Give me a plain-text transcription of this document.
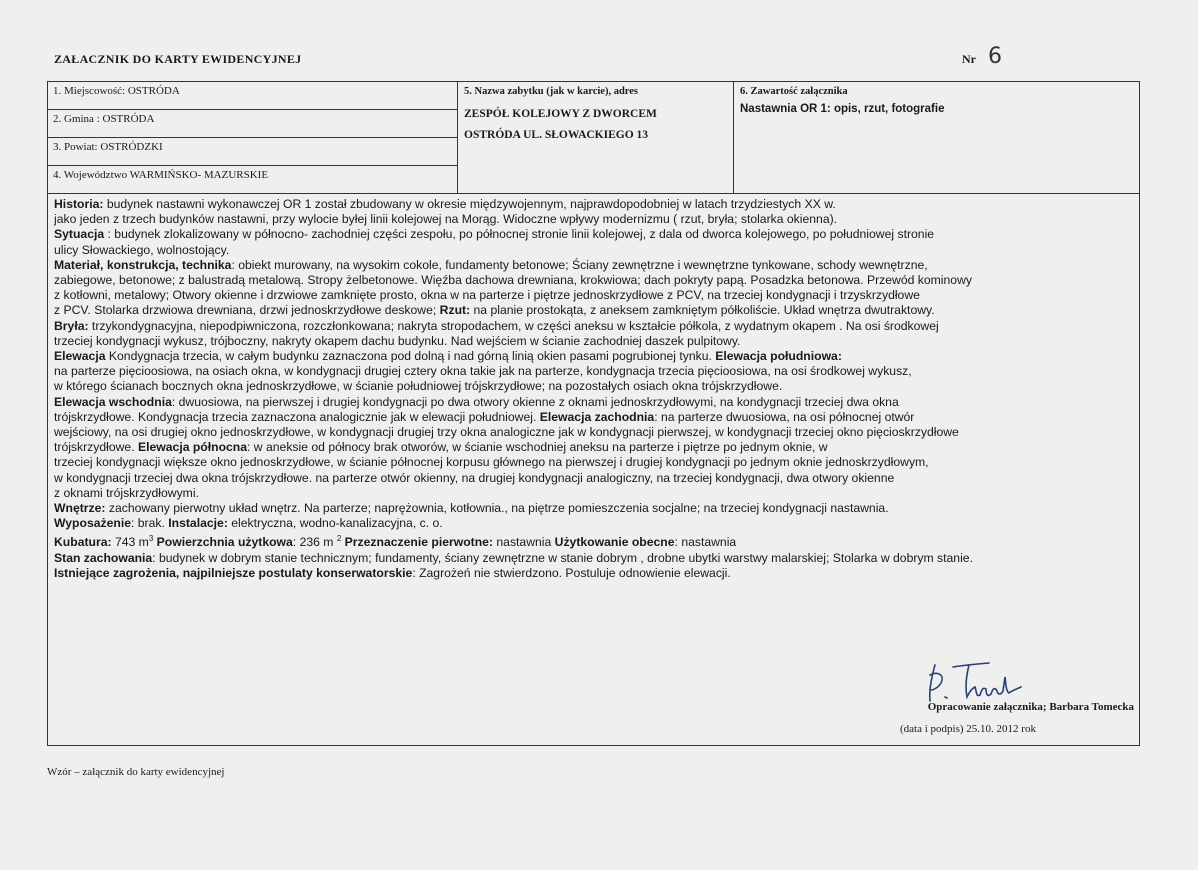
ZAŁACZNIK DO KARTY EWIDENCYJNEJ	Nr 6
1. Miejscowość: OSTRÓDA
2. Gmina : OSTRÓDA
3. Powiat: OSTRÓDZKI
4. Województwo WARMIŃSKO- MAZURSKIE
5. Nazwa zabytku (jak w karcie), adres
ZESPÓŁ KOLEJOWY Z DWORCEM
OSTRÓDA UL. SŁOWACKIEGO 13
6. Zawartość załącznika
Nastawnia OR 1: opis, rzut, fotografie

Historia: budynek nastawni wykonawczej OR 1 został zbudowany w okresie międzywojennym, najprawdopodobniej w latach trzydziestych XX w.

jako jeden z trzech budynków nastawni, przy wylocie byłej linii kolejowej na Morąg. Widoczne wpływy modernizmu ( rzut, bryła; stolarka okienna).

Sytuacja : budynek zlokalizowany w północno- zachodniej części zespołu, po północnej stronie linii kolejowej, z dala od dworca kolejowego, po południowej stronie

ulicy Słowackiego, wolnostojący.

Materiał, konstrukcja, technika: obiekt murowany, na wysokim cokole, fundamenty betonowe; Ściany zewnętrzne i wewnętrzne tynkowane, schody wewnętrzne,

zabiegowe, betonowe; z balustradą metalową. Stropy żelbetonowe. Więźba dachowa drewniana, krokwiowa; dach pokryty papą. Posadzka betonowa. Przewód kominowy

z kotłowni, metalowy; Otwory okienne i drzwiowe zamknięte prosto, okna w na parterze i piętrze jednoskrzydłowe z PCV, na trzeciej kondygnacji i trzyskrzydłowe

z PCV. Stolarka drzwiowa drewniana, drzwi jednoskrzydłowe deskowe; Rzut: na planie prostokąta, z aneksem zamkniętym półkoliście. Układ wnętrza dwutraktowy.

Bryła: trzykondygnacyjna, niepodpiwniczona, rozczłonkowana; nakryta stropodachem, w części aneksu w kształcie półkola, z wydatnym okapem . Na osi środkowej

trzeciej kondygnacji wykusz, trójboczny, nakryty okapem dachu budynku. Nad wejściem w ścianie zachodniej daszek pulpitowy.

Elewacja Kondygnacja trzecia, w całym budynku zaznaczona pod dolną i nad górną linią okien pasami pogrubionej tynku. Elewacja południowa:

na parterze pięcioosiowa, na osiach okna, w kondygnacji drugiej cztery okna takie jak na parterze, kondygnacja trzecia pięcioosiowa, na osi środkowej wykusz,

w którego ścianach bocznych okna jednoskrzydłowe, w ścianie południowej trójskrzydłowe; na pozostałych osiach okna trójskrzydłowe.

Elewacja wschodnia: dwuosiowa, na pierwszej i drugiej kondygnacji po dwa otwory okienne z oknami jednoskrzydłowymi, na kondygnacji trzeciej dwa okna

trójskrzydłowe. Kondygnacja trzecia zaznaczona analogicznie jak w elewacji południowej. Elewacja zachodnia: na parterze dwuosiowa, na osi północnej otwór

wejściowy, na osi drugiej okno jednoskrzydłowe, w kondygnacji drugiej trzy okna analogiczne jak w kondygnacji pierwszej, w kondygnacji trzeciej okno pięcioskrzydłowe

trójskrzydłowe. Elewacja północna: w aneksie od północy brak otworów, w ścianie wschodniej aneksu na parterze i piętrze po jednym oknie, w

trzeciej kondygnacji większe okno jednoskrzydłowe, w ścianie północnej korpusu głównego na pierwszej i drugiej kondygnacji po jednym oknie jednoskrzydłowym,

w kondygnacji trzeciej dwa okna trójskrzydłowe. na parterze otwór okienny, na drugiej kondygnacji analogiczny, na trzeciej kondygnacji, dwa otwory okienne

z oknami trójskrzydłowymi.

Wnętrze: zachowany pierwotny układ wnętrz. Na parterze; naprężownia, kotłownia., na piętrze pomieszczenia socjalne; na trzeciej kondygnacji nastawnia.

Wyposażenie: brak. Instalacje: elektryczna, wodno-kanalizacyjna, c. o.

Kubatura: 743 $m^3$ Powierzchnia użytkowa: 236 m $^2$ Przeznaczenie pierwotne: nastawnia Użytkowanie obecne: nastawnia

Stan zachowania: budynek w dobrym stanie technicznym; fundamenty, ściany zewnętrzne w stanie dobrym , drobne ubytki warstwy malarskiej; Stolarka w dobrym stanie.

Istniejące zagrożenia, najpilniejsze postulaty konserwatorskie: Zagrożeń nie stwierdzono. Postuluje odnowienie elewacji.

Opracowanie załącznika; Barbara Tomecka
(data i podpis) 25.10. 2012 rok
Wzór – załącznik do karty ewidencyjnej
